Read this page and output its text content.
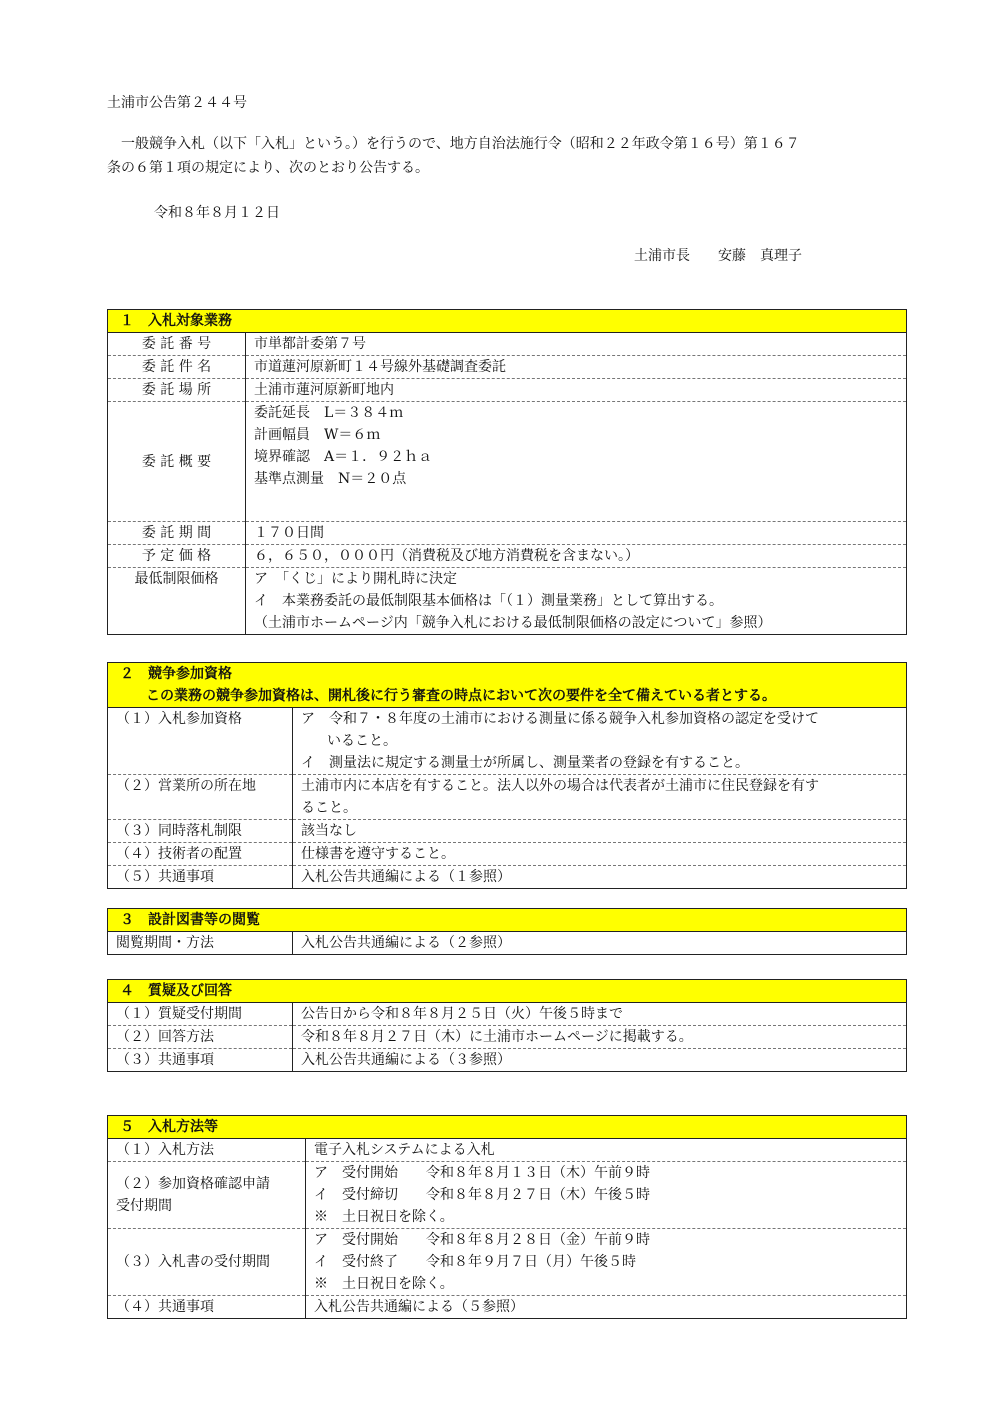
土浦市公告第２４４号
一般競争入札（以下「入札」という。）を行うので、地方自治法施行令（昭和２２年政令第１６号）第１６７
条の６第１項の規定により、次のとおり公告する。
令和８年８月１２日
土浦市長　　安藤　真理子
１　入札対象業務	
委 託 番 号	市単都計委第７号
委 託 件 名	市道蓮河原新町１４号線外基礎調査委託
委 託 場 所	土浦市蓮河原新町地内
委 託 概 要	委託延長　L＝３８４ｍ
計画幅員　W＝６ｍ
境界確認　A＝１．９２ｈａ
基準点測量　N＝２０点

委 託 期 間	１７０日間
予 定 価 格	６，６５０，０００円（消費税及び地方消費税を含まない。）
最低制限価格	ア　「くじ」により開札時に決定
イ　本業務委託の最低制限基本価格は「（１）測量業務」として算出する。
（土浦市ホームページ内「競争入札における最低制限価格の設定について」参照）
２　競争参加資格
この業務の競争参加資格は、開札後に行う審査の時点において次の要件を全て備えている者とする。	

（１）入札参加資格	ア　令和７・８年度の土浦市における測量に係る競争入札参加資格の認定を受けて
いること。
イ　測量法に規定する測量士が所属し、測量業者の登録を有すること。

（２）営業所の所在地	土浦市内に本店を有すること。法人以外の場合は代表者が土浦市に住民登録を有す
ること。

（３）同時落札制限	該当なし
（４）技術者の配置	仕様書を遵守すること。
（５）共通事項	入札公告共通編による（１参照）
３　設計図書等の閲覧
閲覧期間・方法	入札公告共通編による（２参照）
４　質疑及び回答	
（１）質疑受付期間	公告日から令和８年８月２５日（火）午後５時まで
（２）回答方法	令和８年８月２７日（木）に土浦市ホームページに掲載する。
（３）共通事項	入札公告共通編による（３参照）
５　入札方法等	
（１）入札方法	電子入札システムによる入札

（２）参加資格確認申請
受付期間	ア　受付開始　　令和８年８月１３日（木）午前９時
イ　受付締切　　令和８年８月２７日（木）午後５時
※　土日祝日を除く。

（３）入札書の受付期間	ア　受付開始　　令和８年８月２８日（金）午前９時
イ　受付終了　　令和８年９月７日（月）午後５時
※　土日祝日を除く。

（４）共通事項	入札公告共通編による（５参照）
